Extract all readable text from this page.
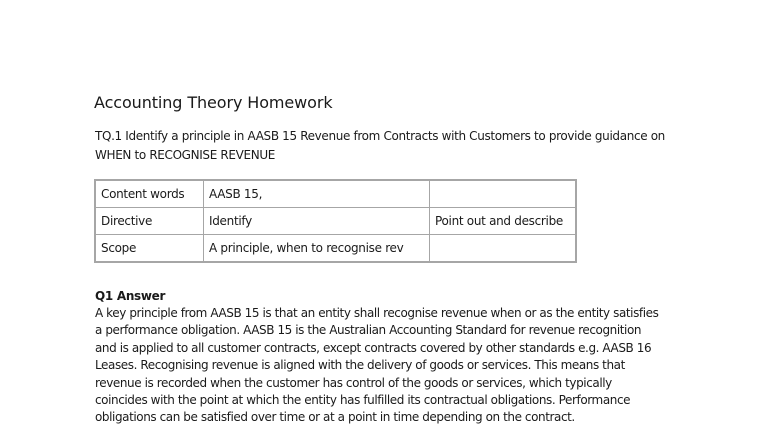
Accounting Theory Homework
TQ.1 Identify a principle in AASB 15 Revenue from Contracts with Customers to provide guidance on
WHEN to RECOGNISE REVENUE
Content words	AASB 15,	
Directive	Identify	Point out and describe
Scope	A principle, when to recognise rev	
Q1 Answer
A key principle from AASB 15 is that an entity shall recognise revenue when or as the entity satisfies
a performance obligation. AASB 15 is the Australian Accounting Standard for revenue recognition
and is applied to all customer contracts, except contracts covered by other standards e.g. AASB 16
Leases. Recognising revenue is aligned with the delivery of goods or services. This means that
revenue is recorded when the customer has control of the goods or services, which typically
coincides with the point at which the entity has fulfilled its contractual obligations. Performance
obligations can be satisfied over time or at a point in time depending on the contract.
